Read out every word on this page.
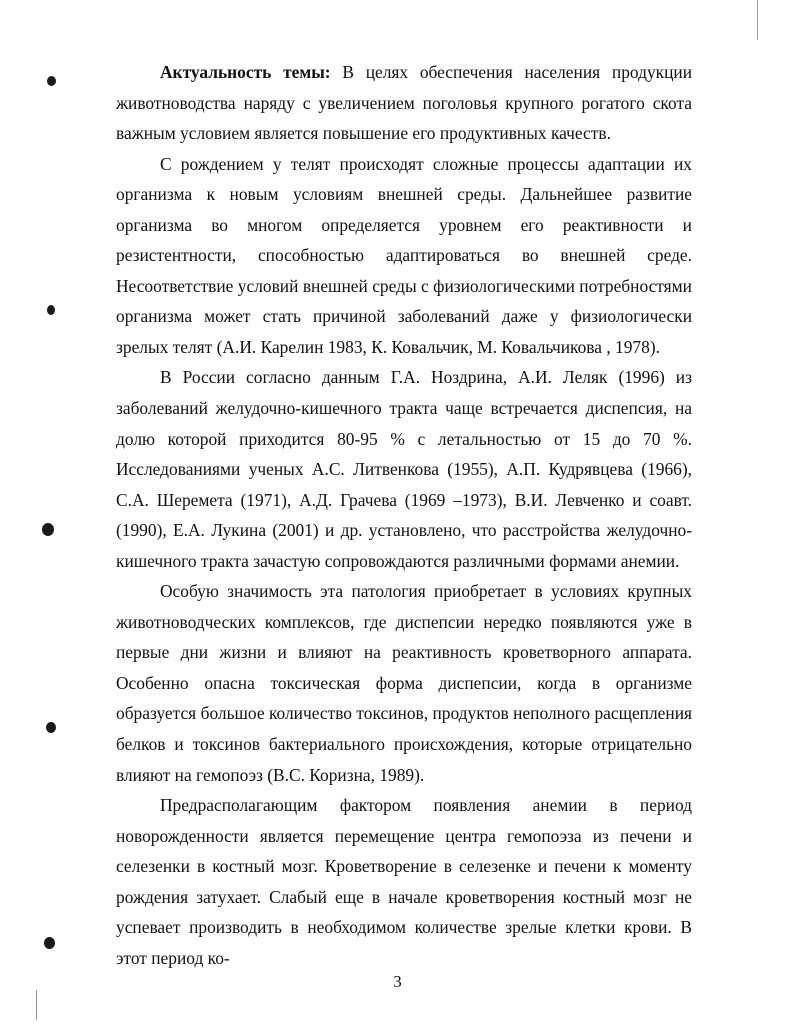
Актуальность темы: В целях обеспечения населения продукции животноводства наряду с увеличением поголовья крупного рогатого скота важным условием является повышение его продуктивных качеств.

С рождением у телят происходят сложные процессы адаптации их организма к новым условиям внешней среды. Дальнейшее развитие организма во многом определяется уровнем его реактивности и резистентности, способностью адаптироваться во внешней среде. Несоответствие условий внешней среды с физиологическими потребностями организма может стать причиной заболеваний даже у физиологически зрелых телят (А.И. Карелин 1983, К. Ковальчик, М. Ковальчикова , 1978).

В России согласно данным Г.А. Ноздрина, А.И. Леляк (1996) из заболеваний желудочно-кишечного тракта чаще встречается диспепсия, на долю которой приходится 80-95 % с летальностью от 15 до 70 %. Исследованиями ученых А.С. Литвенкова (1955), А.П. Кудрявцева (1966), С.А. Шеремета (1971), А.Д. Грачева (1969 –1973), В.И. Левченко и соавт. (1990), Е.А. Лукина (2001) и др. установлено, что расстройства желудочно-кишечного тракта зачастую сопровождаются различными формами анемии.

Особую значимость эта патология приобретает в условиях крупных животноводческих комплексов, где диспепсии нередко появляются уже в первые дни жизни и влияют на реактивность кроветворного аппарата. Особенно опасна токсическая форма диспепсии, когда в организме образуется большое количество токсинов, продуктов неполного расщепления белков и токсинов бактериального происхождения, которые отрицательно влияют на гемопоэз (В.С. Коризна, 1989).

Предрасполагающим фактором появления анемии в период новорожденности является перемещение центра гемопоэза из печени и селезенки в костный мозг. Кроветворение в селезенке и печени к моменту рождения затухает. Слабый еще в начале кроветворения костный мозг не успевает производить в необходимом количестве зрелые клетки крови. В этот период ко-

3
